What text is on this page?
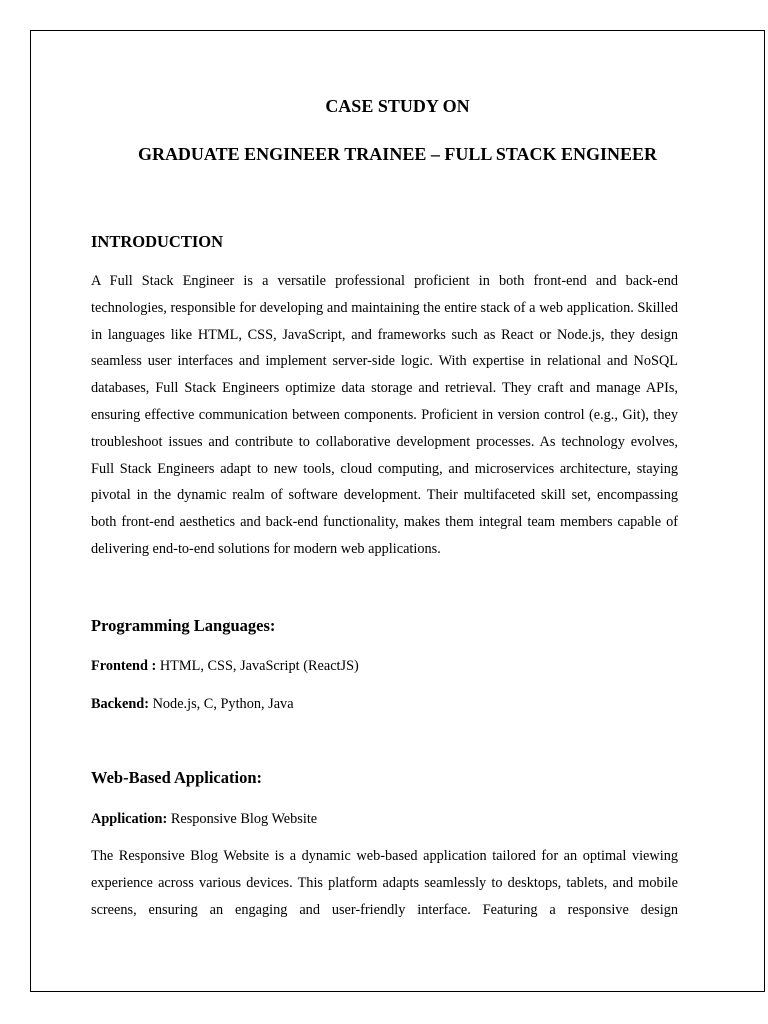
CASE STUDY ON
GRADUATE ENGINEER TRAINEE – FULL STACK ENGINEER
INTRODUCTION

A Full Stack Engineer is a versatile professional proficient in both front-end and back-end technologies, responsible for developing and maintaining the entire stack of a web application. Skilled in languages like HTML, CSS, JavaScript, and frameworks such as React or Node.js, they design seamless user interfaces and implement server-side logic. With expertise in relational and NoSQL databases, Full Stack Engineers optimize data storage and retrieval. They craft and manage APIs, ensuring effective communication between components. Proficient in version control (e.g., Git), they troubleshoot issues and contribute to collaborative development processes. As technology evolves, Full Stack Engineers adapt to new tools, cloud computing, and microservices architecture, staying pivotal in the dynamic realm of software development. Their multifaceted skill set, encompassing both front-end aesthetics and back-end functionality, makes them integral team members capable of delivering end-to-end solutions for modern web applications.

Programming Languages:

Frontend : HTML, CSS, JavaScript (ReactJS)

Backend: Node.js, C, Python, Java

Web-Based Application:

Application: Responsive Blog Website

The Responsive Blog Website is a dynamic web-based application tailored for an optimal viewing experience across various devices. This platform adapts seamlessly to desktops, tablets, and mobile screens, ensuring an engaging and user-friendly interface. Featuring a responsive design
